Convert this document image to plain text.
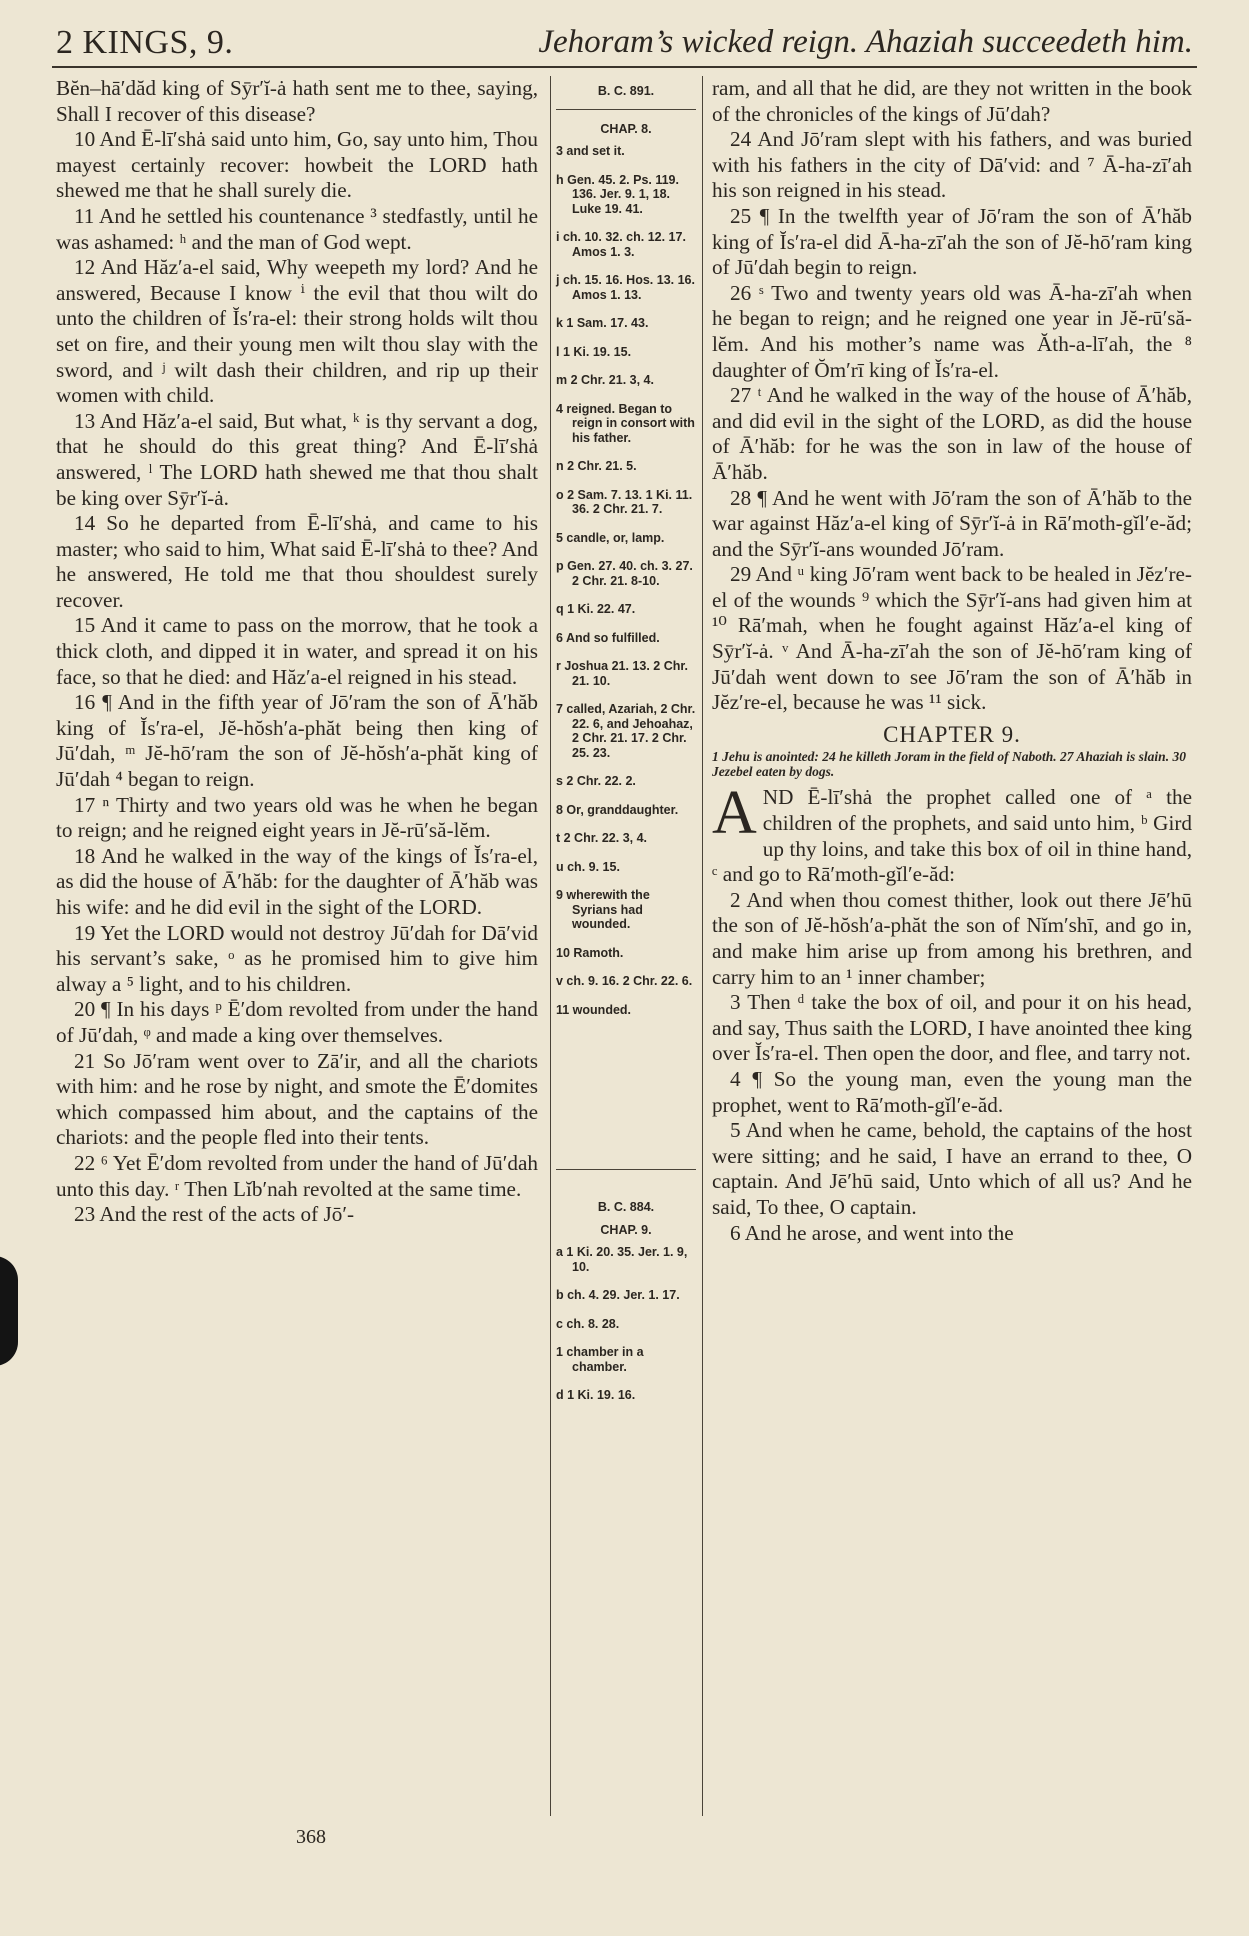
2 KINGS, 9.	Jehoram’s wicked reign. Ahaziah succeedeth him.

Bĕn–hā′dăd king of Sȳr′ĭ-ȧ hath sent me to thee, saying, Shall I recover of this disease?

10 And Ē-lī′shȧ said unto him, Go, say unto him, Thou mayest certainly recover: howbeit the LORD hath shewed me that he shall surely die.

11 And he settled his countenance ³ stedfastly, until he was ashamed: ʰ and the man of God wept.

12 And Hăz′a-el said, Why weepeth my lord? And he answered, Because I know ⁱ the evil that thou wilt do unto the children of Ĭs′ra-el: their strong holds wilt thou set on fire, and their young men wilt thou slay with the sword, and ʲ wilt dash their children, and rip up their women with child.

13 And Hăz′a-el said, But what, ᵏ is thy servant a dog, that he should do this great thing? And Ē-lī′shȧ answered, ˡ The LORD hath shewed me that thou shalt be king over Sȳr′ĭ-ȧ.

14 So he departed from Ē-lī′shȧ, and came to his master; who said to him, What said Ē-lī′shȧ to thee? And he answered, He told me that thou shouldest surely recover.

15 And it came to pass on the morrow, that he took a thick cloth, and dipped it in water, and spread it on his face, so that he died: and Hăz′a-el reigned in his stead.

16 ¶ And in the fifth year of Jō′ram the son of Ā′hăb king of Ĭs′ra-el, Jĕ-hŏsh′a-phăt being then king of Jū′dah, ᵐ Jĕ-hō′ram the son of Jĕ-hŏsh′a-phăt king of Jū′dah ⁴ began to reign.

17 ⁿ Thirty and two years old was he when he began to reign; and he reigned eight years in Jĕ-rū′să-lĕm.

18 And he walked in the way of the kings of Ĭs′ra-el, as did the house of Ā′hăb: for the daughter of Ā′hăb was his wife: and he did evil in the sight of the LORD.

19 Yet the LORD would not destroy Jū′dah for Dā′vid his servant’s sake, ᵒ as he promised him to give him alway a ⁵ light, and to his children.

20 ¶ In his days ᵖ Ē′dom revolted from under the hand of Jū′dah, ᵠ and made a king over themselves.

21 So Jō′ram went over to Zā′ir, and all the chariots with him: and he rose by night, and smote the Ē′domites which compassed him about, and the captains of the chariots: and the people fled into their tents.

22 ⁶ Yet Ē′dom revolted from under the hand of Jū′dah unto this day. ʳ Then Lĭb′nah revolted at the same time.

23 And the rest of the acts of Jō′-

B. C. 891.
CHAP. 8.
3 and set it.
h Gen. 45. 2. Ps. 119. 136. Jer. 9. 1, 18. Luke 19. 41.
i ch. 10. 32. ch. 12. 17. Amos 1. 3.
j ch. 15. 16. Hos. 13. 16. Amos 1. 13.
k 1 Sam. 17. 43.
l 1 Ki. 19. 15.
m 2 Chr. 21. 3, 4.
4 reigned. Began to reign in consort with his father.
n 2 Chr. 21. 5.
o 2 Sam. 7. 13. 1 Ki. 11. 36. 2 Chr. 21. 7.
5 candle, or, lamp.
p Gen. 27. 40. ch. 3. 27. 2 Chr. 21. 8-10.
q 1 Ki. 22. 47.
6 And so fulfilled.
r Joshua 21. 13. 2 Chr. 21. 10.
7 called, Azariah, 2 Chr. 22. 6, and Jehoahaz, 2 Chr. 21. 17. 2 Chr. 25. 23.
s 2 Chr. 22. 2.
8 Or, granddaughter.
t 2 Chr. 22. 3, 4.
u ch. 9. 15.
9 wherewith the Syrians had wounded.
10 Ramoth.
v ch. 9. 16. 2 Chr. 22. 6.
11 wounded.
B. C. 884.
CHAP. 9.
a 1 Ki. 20. 35. Jer. 1. 9, 10.
b ch. 4. 29. Jer. 1. 17.
c ch. 8. 28.
1 chamber in a chamber.
d 1 Ki. 19. 16.

ram, and all that he did, are they not written in the book of the chronicles of the kings of Jū′dah?

24 And Jō′ram slept with his fathers, and was buried with his fathers in the city of Dā′vid: and ⁷ Ā-ha-zī′ah his son reigned in his stead.

25 ¶ In the twelfth year of Jō′ram the son of Ā′hăb king of Ĭs′ra-el did Ā-ha-zī′ah the son of Jĕ-hō′ram king of Jū′dah begin to reign.

26 ˢ Two and twenty years old was Ā-ha-zī′ah when he began to reign; and he reigned one year in Jĕ-rū′să-lĕm. And his mother’s name was Ăth-a-lī′ah, the ⁸ daughter of Ŏm′rī king of Ĭs′ra-el.

27 ᵗ And he walked in the way of the house of Ā′hăb, and did evil in the sight of the LORD, as did the house of Ā′hăb: for he was the son in law of the house of Ā′hăb.

28 ¶ And he went with Jō′ram the son of Ā′hăb to the war against Hăz′a-el king of Sȳr′ĭ-ȧ in Rā′moth-gĭl′e-ăd; and the Sȳr′ĭ-ans wounded Jō′ram.

29 And ᵘ king Jō′ram went back to be healed in Jĕz′re-el of the wounds ⁹ which the Sȳr′ĭ-ans had given him at ¹⁰ Rā′mah, when he fought against Hăz′a-el king of Sȳr′ĭ-ȧ. ᵛ And Ā-ha-zī′ah the son of Jĕ-hō′ram king of Jū′dah went down to see Jō′ram the son of Ā′hăb in Jĕz′re-el, because he was ¹¹ sick.

CHAPTER 9.
1 Jehu is anointed: 24 he killeth Joram in the field of Naboth. 27 Ahaziah is slain. 30 Jezebel eaten by dogs.

AND Ē-lī′shȧ the prophet called one of ᵃ the children of the prophets, and said unto him, ᵇ Gird up thy loins, and take this box of oil in thine hand, ᶜ and go to Rā′moth-gĭl′e-ăd:

2 And when thou comest thither, look out there Jē′hū the son of Jĕ-hŏsh′a-phăt the son of Nĭm′shī, and go in, and make him arise up from among his brethren, and carry him to an ¹ inner chamber;

3 Then ᵈ take the box of oil, and pour it on his head, and say, Thus saith the LORD, I have anointed thee king over Ĭs′ra-el. Then open the door, and flee, and tarry not.

4 ¶ So the young man, even the young man the prophet, went to Rā′moth-gĭl′e-ăd.

5 And when he came, behold, the captains of the host were sitting; and he said, I have an errand to thee, O captain. And Jē′hū said, Unto which of all us? And he said, To thee, O captain.

6 And he arose, and went into the

368
